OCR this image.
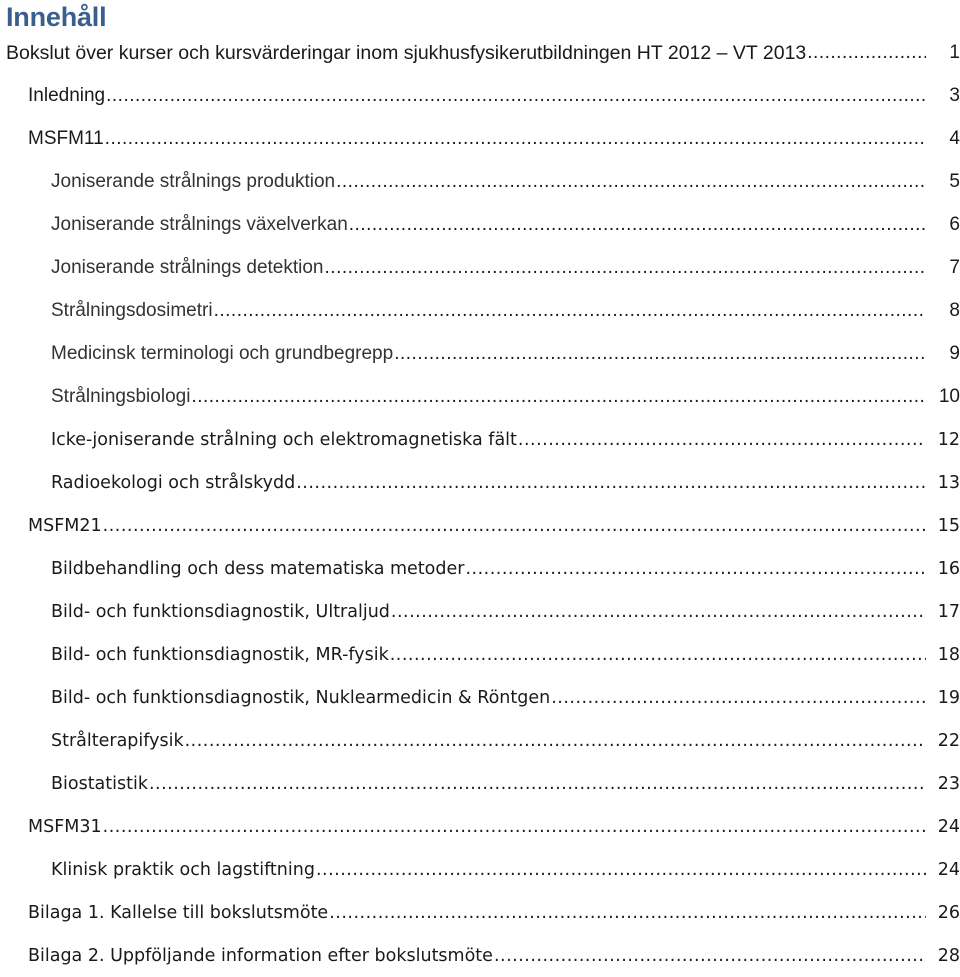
Innehåll
Bokslut över kurser och kursvärderingar inom sjukhusfysikerutbildningen HT 2012 – VT 2013 .....	1
Inledning .....	3
MSFM11 .....	4
Joniserande strålnings produktion .....	5
Joniserande strålnings växelverkan .....	6
Joniserande strålnings detektion .....	7
Strålningsdosimetri .....	8
Medicinsk terminologi och grundbegrepp .....	9
Strålningsbiologi .....	10
Icke-joniserande strålning och elektromagnetiska fält .....	12
Radioekologi och strålskydd .....	13
MSFM21 .....	15
Bildbehandling och dess matematiska metoder .....	16
Bild- och funktionsdiagnostik, Ultraljud .....	17
Bild- och funktionsdiagnostik, MR-fysik .....	18
Bild- och funktionsdiagnostik, Nuklearmedicin & Röntgen .....	19
Strålterapifysik .....	22
Biostatistik .....	23
MSFM31 .....	24
Klinisk praktik och lagstiftning .....	24
Bilaga 1. Kallelse till bokslutsmöte .....	26
Bilaga 2. Uppföljande information efter bokslutsmöte .....	28
